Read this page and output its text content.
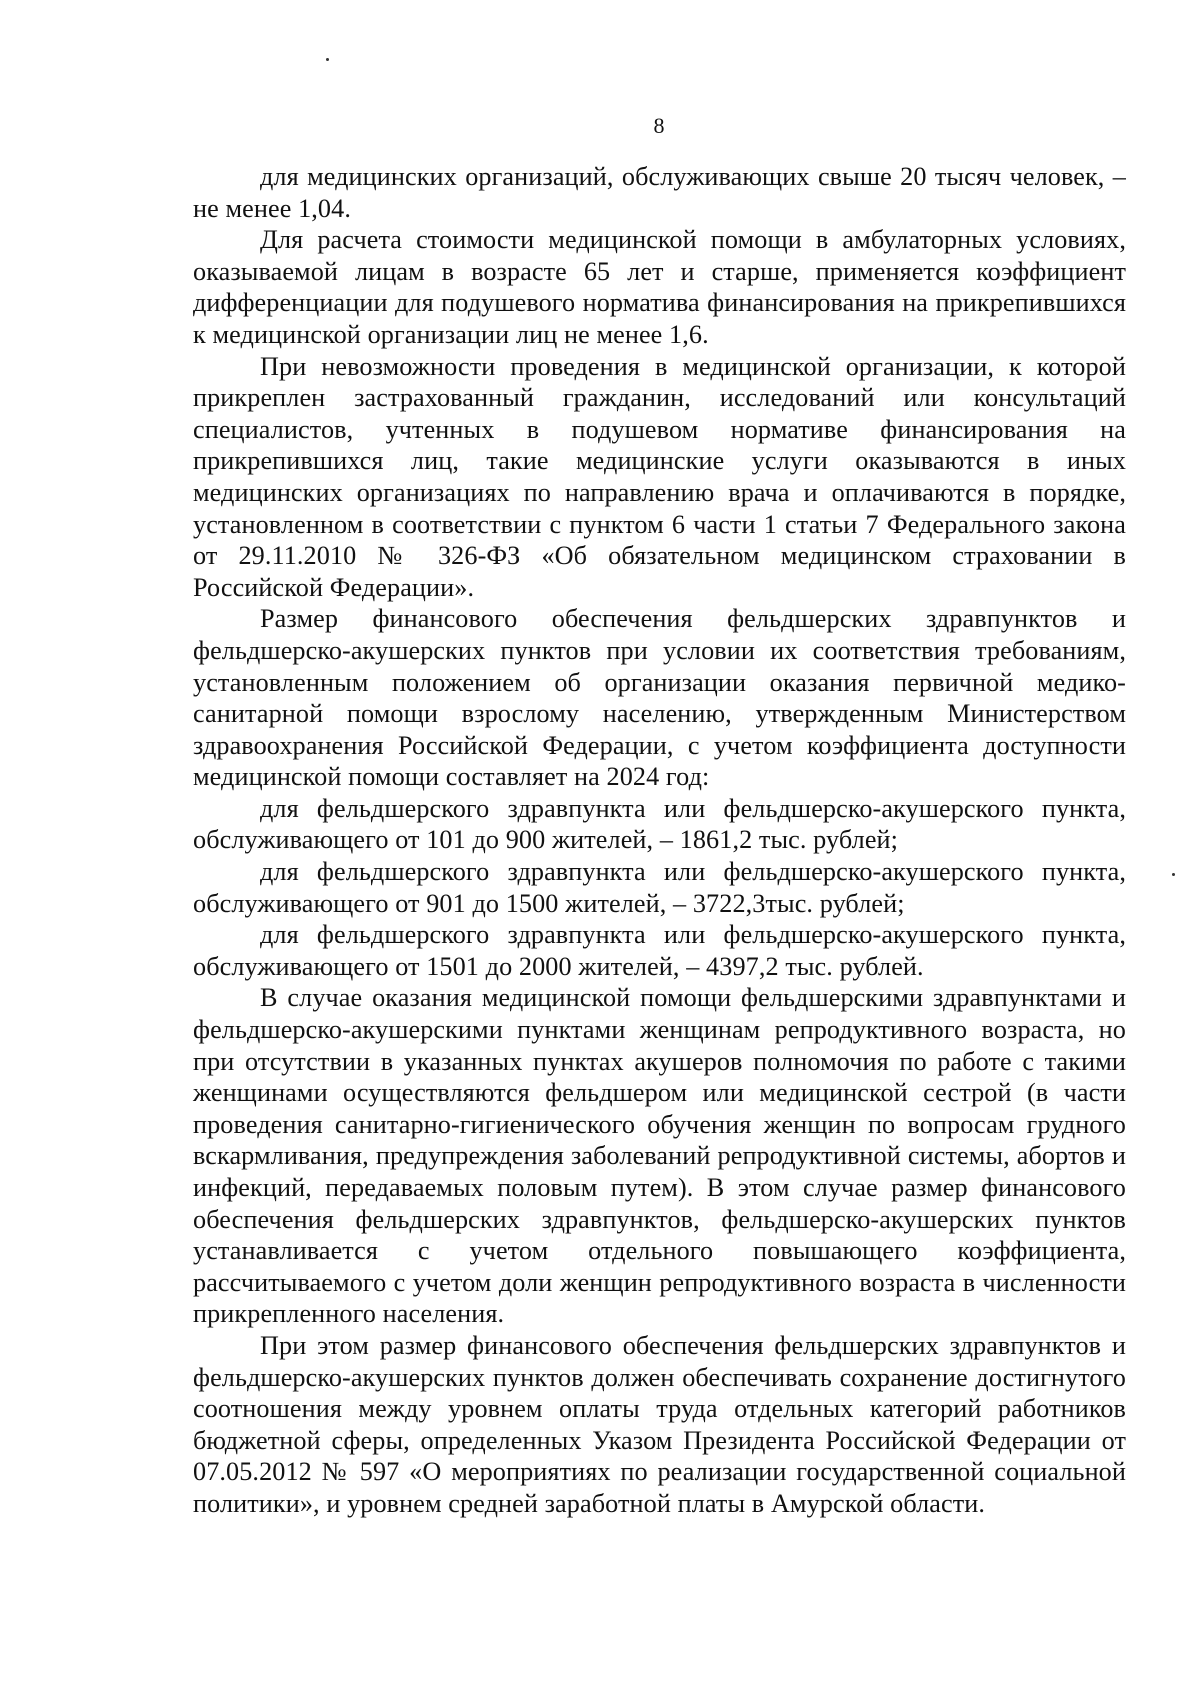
8

для медицинских организаций, обслуживающих свыше 20 тысяч человек, – не менее 1,04.

Для расчета стоимости медицинской помощи в амбулаторных условиях, оказываемой лицам в возрасте 65 лет и старше, применяется коэффициент дифференциации для подушевого норматива финансирования на прикрепившихся к медицинской организации лиц не менее 1,6.

При невозможности проведения в медицинской организации, к которой прикреплен застрахованный гражданин, исследований или консультаций специалистов, учтенных в подушевом нормативе финансирования на прикрепившихся лиц, такие медицинские услуги оказываются в иных медицинских организациях по направлению врача и оплачиваются в порядке, установленном в соответствии с пунктом 6 части 1 статьи 7 Федерального закона от 29.11.2010 № 326-ФЗ «Об обязательном медицинском страховании в Российской Федерации».

Размер финансового обеспечения фельдшерских здравпунктов и фельдшерско-акушерских пунктов при условии их соответствия требованиям, установленным положением об организации оказания первичной медико-санитарной помощи взрослому населению, утвержденным Министерством здравоохранения Российской Федерации, с учетом коэффициента доступности медицинской помощи составляет на 2024 год:

для фельдшерского здравпункта или фельдшерско-акушерского пункта, обслуживающего от 101 до 900 жителей, – 1861,2 тыс. рублей;

для фельдшерского здравпункта или фельдшерско-акушерского пункта, обслуживающего от 901 до 1500 жителей, – 3722,3тыс. рублей;

для фельдшерского здравпункта или фельдшерско-акушерского пункта, обслуживающего от 1501 до 2000 жителей, – 4397,2 тыс. рублей.

В случае оказания медицинской помощи фельдшерскими здравпунктами и фельдшерско-акушерскими пунктами женщинам репродуктивного возраста, но при отсутствии в указанных пунктах акушеров полномочия по работе с такими женщинами осуществляются фельдшером или медицинской сестрой (в части проведения санитарно-гигиенического обучения женщин по вопросам грудного вскармливания, предупреждения заболеваний репродуктивной системы, абортов и инфекций, передаваемых половым путем). В этом случае размер финансового обеспечения фельдшерских здравпунктов, фельдшерско-акушерских пунктов устанавливается с учетом отдельного повышающего коэффициента, рассчитываемого с учетом доли женщин репродуктивного возраста в численности прикрепленного населения.

При этом размер финансового обеспечения фельдшерских здравпунктов и фельдшерско-акушерских пунктов должен обеспечивать сохранение достигнутого соотношения между уровнем оплаты труда отдельных категорий работников бюджетной сферы, определенных Указом Президента Российской Федерации от 07.05.2012 № 597 «О мероприятиях по реализации государственной социальной политики», и уровнем средней заработной платы в Амурской области.
